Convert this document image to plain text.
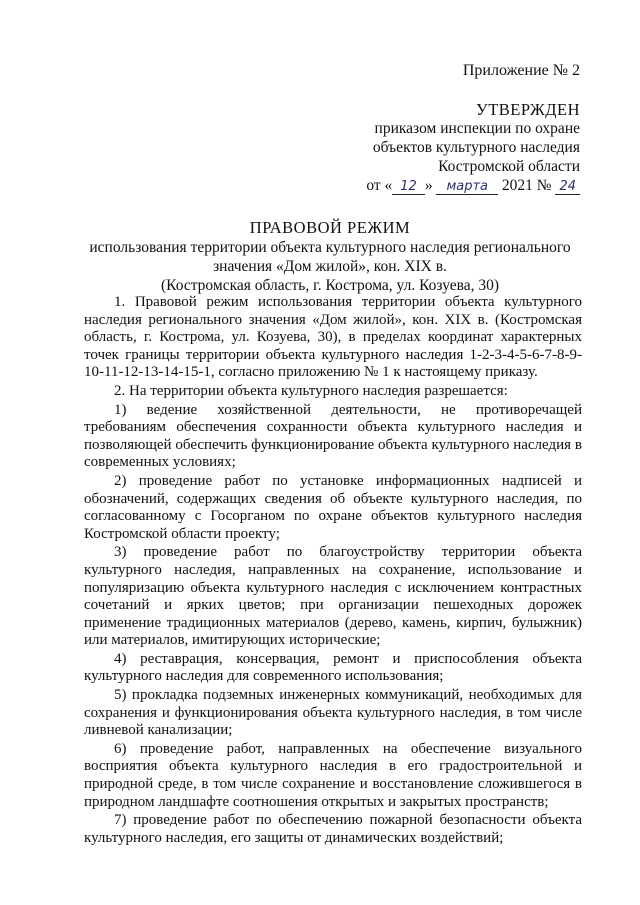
Приложение № 2
УТВЕРЖДЕН
приказом инспекции по охране
объектов культурного наследия
Костромской области
от « 12 » марта 2021 № 24
ПРАВОВОЙ РЕЖИМ
использования территории объекта культурного наследия регионального
значения «Дом жилой», кон. XIX в.
(Костромская область, г. Кострома, ул. Козуева, 30)

1. Правовой режим использования территории объекта культурного наследия регионального значения «Дом жилой», кон. XIX в. (Костромская область, г. Кострома, ул. Козуева, 30), в пределах координат характерных точек границы территории объекта культурного наследия 1-2-3-4-5-6-7-8-9-10-11-12-13-14-15-1, согласно приложению № 1 к настоящему приказу.

2. На территории объекта культурного наследия разрешается:

1) ведение хозяйственной деятельности, не противоречащей требованиям обеспечения сохранности объекта культурного наследия и позволяющей обеспечить функционирование объекта культурного наследия в современных условиях;

2) проведение работ по установке информационных надписей и обозначений, содержащих сведения об объекте культурного наследия, по согласованному с Госорганом по охране объектов культурного наследия Костромской области проекту;

3) проведение работ по благоустройству территории объекта культурного наследия, направленных на сохранение, использование и популяризацию объекта культурного наследия с исключением контрастных сочетаний и ярких цветов; при организации пешеходных дорожек применение традиционных материалов (дерево, камень, кирпич, булыжник) или материалов, имитирующих исторические;

4) реставрация, консервация, ремонт и приспособления объекта культурного наследия для современного использования;

5) прокладка подземных инженерных коммуникаций, необходимых для сохранения и функционирования объекта культурного наследия, в том числе ливневой канализации;

6) проведение работ, направленных на обеспечение визуального восприятия объекта культурного наследия в его градостроительной и природной среде, в том числе сохранение и восстановление сложившегося в природном ландшафте соотношения открытых и закрытых пространств;

7) проведение работ по обеспечению пожарной безопасности объекта культурного наследия, его защиты от динамических воздействий;
